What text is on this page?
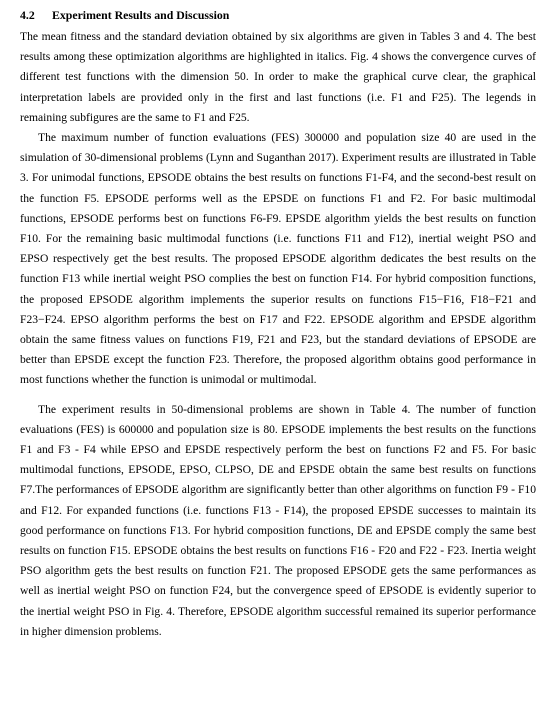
4.2 Experiment Results and Discussion

The mean fitness and the standard deviation obtained by six algorithms are given in Tables 3 and 4. The best results among these optimization algorithms are highlighted in italics. Fig. 4 shows the convergence curves of different test functions with the dimension 50. In order to make the graphical curve clear, the graphical interpretation labels are provided only in the first and last functions (i.e. F1 and F25). The legends in remaining subfigures are the same to F1 and F25.

The maximum number of function evaluations (FES) 300000 and population size 40 are used in the simulation of 30-dimensional problems (Lynn and Suganthan 2017). Experiment results are illustrated in Table 3. For unimodal functions, EPSODE obtains the best results on functions F1-F4, and the second-best result on the function F5. EPSODE performs well as the EPSDE on functions F1 and F2. For basic multimodal functions, EPSODE performs best on functions F6-F9. EPSDE algorithm yields the best results on function F10. For the remaining basic multimodal functions (i.e. functions F11 and F12), inertial weight PSO and EPSO respectively get the best results. The proposed EPSODE algorithm dedicates the best results on the function F13 while inertial weight PSO complies the best on function F14. For hybrid composition functions, the proposed EPSODE algorithm implements the superior results on functions F15−F16, F18−F21 and F23−F24. EPSO algorithm performs the best on F17 and F22. EPSODE algorithm and EPSDE algorithm obtain the same fitness values on functions F19, F21 and F23, but the standard deviations of EPSODE are better than EPSDE except the function F23. Therefore, the proposed algorithm obtains good performance in most functions whether the function is unimodal or multimodal.

The experiment results in 50-dimensional problems are shown in Table 4. The number of function evaluations (FES) is 600000 and population size is 80. EPSODE implements the best results on the functions F1 and F3 - F4 while EPSO and EPSDE respectively perform the best on functions F2 and F5. For basic multimodal functions, EPSODE, EPSO, CLPSO, DE and EPSDE obtain the same best results on functions F7.The performances of EPSODE algorithm are significantly better than other algorithms on function F9 - F10 and F12. For expanded functions (i.e. functions F13 - F14), the proposed EPSDE successes to maintain its good performance on functions F13. For hybrid composition functions, DE and EPSDE comply the same best results on function F15. EPSODE obtains the best results on functions F16 - F20 and F22 - F23. Inertia weight PSO algorithm gets the best results on function F21. The proposed EPSODE gets the same performances as well as inertial weight PSO on function F24, but the convergence speed of EPSODE is evidently superior to the inertial weight PSO in Fig. 4. Therefore, EPSODE algorithm successful remained its superior performance in higher dimension problems.
